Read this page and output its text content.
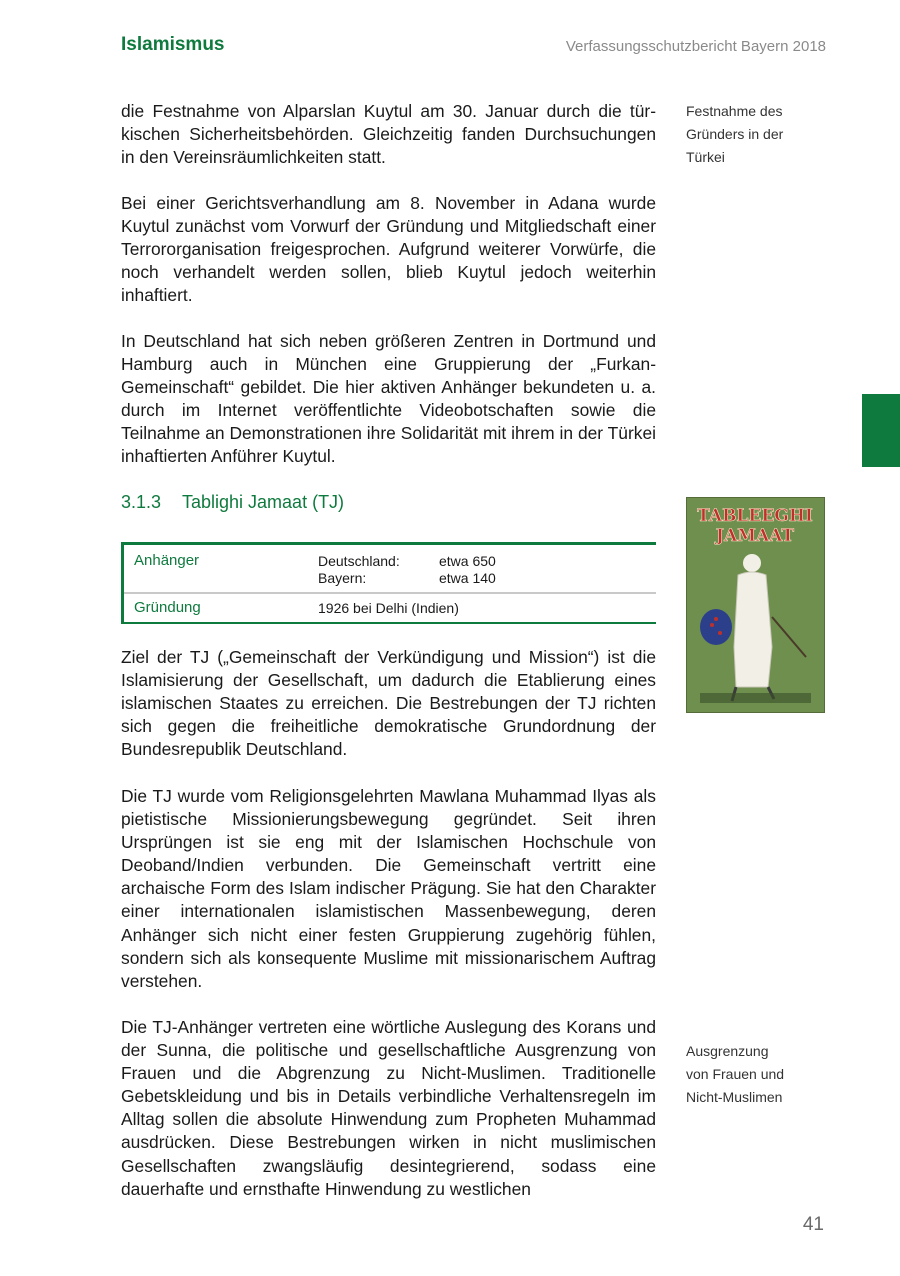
Islamismus	Verfassungsschutzbericht Bayern 2018

die Festnahme von Alparslan Kuytul am 30. Januar durch die türkischen Sicherheitsbehörden. Gleichzeitig fanden Durchsuchungen in den Vereinsräumlichkeiten statt.

Bei einer Gerichtsverhandlung am 8. November in Adana wurde Kuytul zunächst vom Vorwurf der Gründung und Mitgliedschaft einer Terrororganisation freigesprochen. Aufgrund weiterer Vorwürfe, die noch verhandelt werden sollen, blieb Kuytul jedoch weiterhin inhaftiert.

In Deutschland hat sich neben größeren Zentren in Dortmund und Hamburg auch in München eine Gruppierung der „Furkan-Gemeinschaft“ gebildet. Die hier aktiven Anhänger bekundeten u. a. durch im Internet veröffentlichte Videobotschaften sowie die Teilnahme an Demonstrationen ihre Solidarität mit ihrem in der Türkei inhaftierten Anführer Kuytul.

3.1.3 Tablighi Jamaat (TJ)
Anhänger	Deutschland:	etwa 650
Bayern:	etwa 140
Gründung	1926 bei Delhi (Indien)

Ziel der TJ („Gemeinschaft der Verkündigung und Mission“) ist die Islamisierung der Gesellschaft, um dadurch die Etablierung eines islamischen Staates zu erreichen. Die Bestrebungen der TJ richten sich gegen die freiheitliche demokratische Grundordnung der Bundesrepublik Deutschland.

Die TJ wurde vom Religionsgelehrten Mawlana Muhammad Ilyas als pietistische Missionierungsbewegung gegründet. Seit ihren Ursprüngen ist sie eng mit der Islamischen Hochschule von Deoband/Indien verbunden. Die Gemeinschaft vertritt eine archaische Form des Islam indischer Prägung. Sie hat den Charakter einer internationalen islamistischen Massenbewegung, deren Anhänger sich nicht einer festen Gruppierung zugehörig fühlen, sondern sich als konsequente Muslime mit missionarischem Auftrag verstehen.

Die TJ-Anhänger vertreten eine wörtliche Auslegung des Korans und der Sunna, die politische und gesellschaftliche Ausgrenzung von Frauen und die Abgrenzung zu Nicht-Muslimen. Traditionelle Gebetskleidung und bis in Details verbindliche Verhaltensregeln im Alltag sollen die absolute Hinwendung zum Propheten Muhammad ausdrücken. Diese Bestrebungen wirken in nicht muslimischen Gesellschaften zwangsläufig desintegrierend, sodass eine dauerhafte und ernsthafte Hinwendung zu westlichen

Festnahme des
Gründers in der
Türkei
TABLEEGHI
JAMAAT
Ausgrenzung
von Frauen und
Nicht-Muslimen
41
